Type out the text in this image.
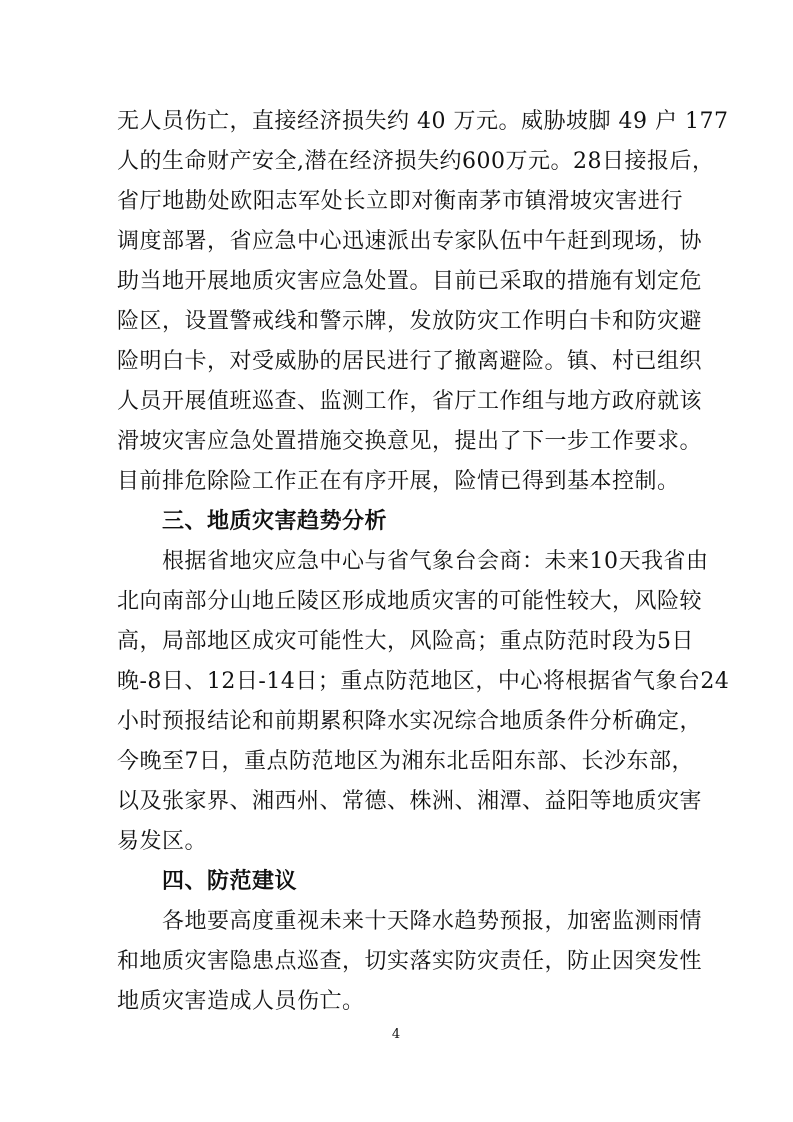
无人员伤亡，直接经济损失约 40 万元。威胁坡脚 49 户 177
人的生命财产安全,潜在经济损失约600万元。28日接报后，
省厅地勘处欧阳志军处长立即对衡南茅市镇滑坡灾害进行
调度部署，省应急中心迅速派出专家队伍中午赶到现场，协
助当地开展地质灾害应急处置。目前已采取的措施有划定危
险区，设置警戒线和警示牌，发放防灾工作明白卡和防灾避
险明白卡，对受威胁的居民进行了撤离避险。镇、村已组织
人员开展值班巡查、监测工作，省厅工作组与地方政府就该
滑坡灾害应急处置措施交换意见，提出了下一步工作要求。
目前排危除险工作正在有序开展，险情已得到基本控制。
三、地质灾害趋势分析
根据省地灾应急中心与省气象台会商：未来10天我省由
北向南部分山地丘陵区形成地质灾害的可能性较大，风险较
高，局部地区成灾可能性大，风险高；重点防范时段为5日
晚-8日、12日-14日；重点防范地区，中心将根据省气象台24
小时预报结论和前期累积降水实况综合地质条件分析确定，
今晚至7日，重点防范地区为湘东北岳阳东部、长沙东部，
以及张家界、湘西州、常德、株洲、湘潭、益阳等地质灾害
易发区。
四、防范建议
各地要高度重视未来十天降水趋势预报，加密监测雨情
和地质灾害隐患点巡查，切实落实防灾责任，防止因突发性
地质灾害造成人员伤亡。
4
